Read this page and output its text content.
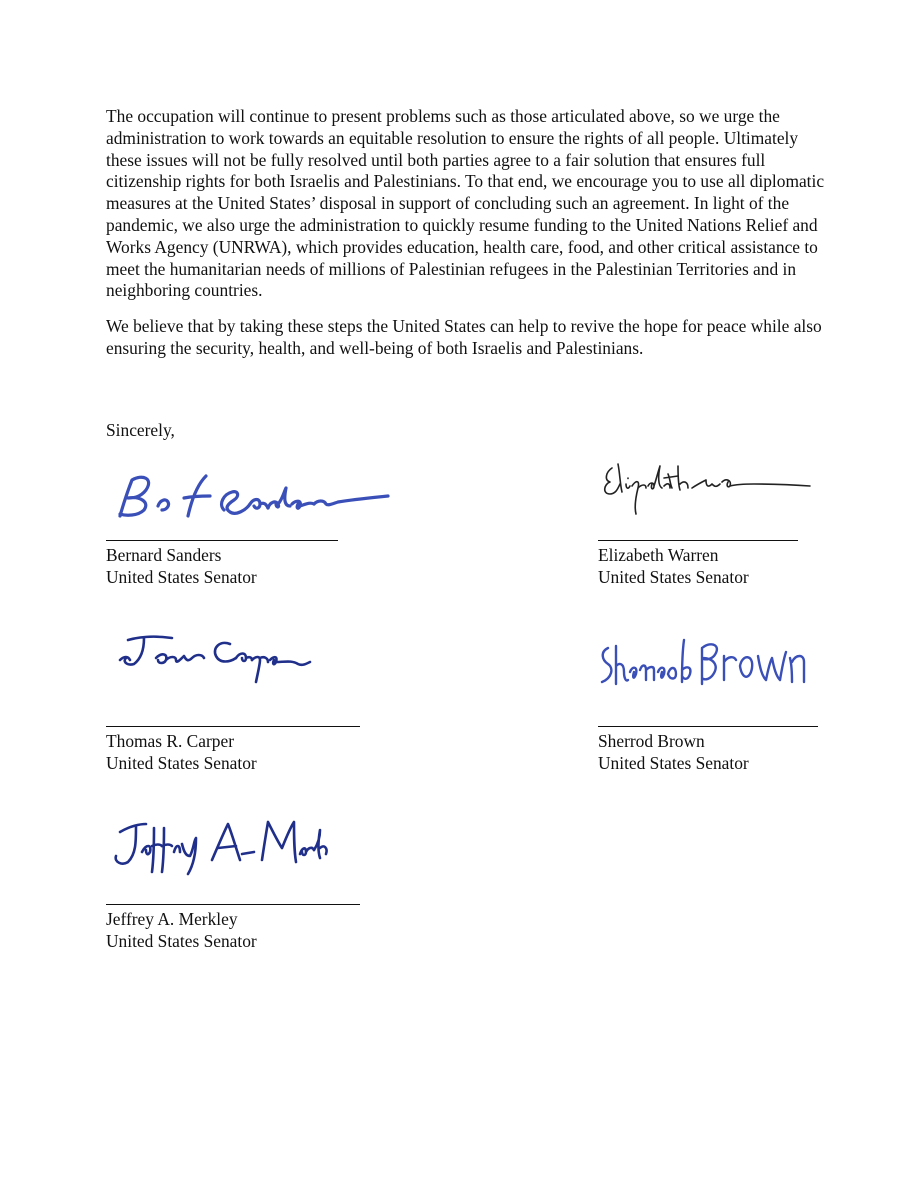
The occupation will continue to present problems such as those articulated above, so we urge the administration to work towards an equitable resolution to ensure the rights of all people. Ultimately these issues will not be fully resolved until both parties agree to a fair solution that ensures full citizenship rights for both Israelis and Palestinians. To that end, we encourage you to use all diplomatic measures at the United States’ disposal in support of concluding such an agreement. In light of the pandemic, we also urge the administration to quickly resume funding to the United Nations Relief and Works Agency (UNRWA), which provides education, health care, food, and other critical assistance to meet the humanitarian needs of millions of Palestinian refugees in the Palestinian Territories and in neighboring countries.

We believe that by taking these steps the United States can help to revive the hope for peace while also ensuring the security, health, and well-being of both Israelis and Palestinians.

Sincerely,
Bernard Sanders
United States Senator
Elizabeth Warren
United States Senator
Thomas R. Carper
United States Senator
Sherrod Brown
United States Senator
Jeffrey A. Merkley
United States Senator
